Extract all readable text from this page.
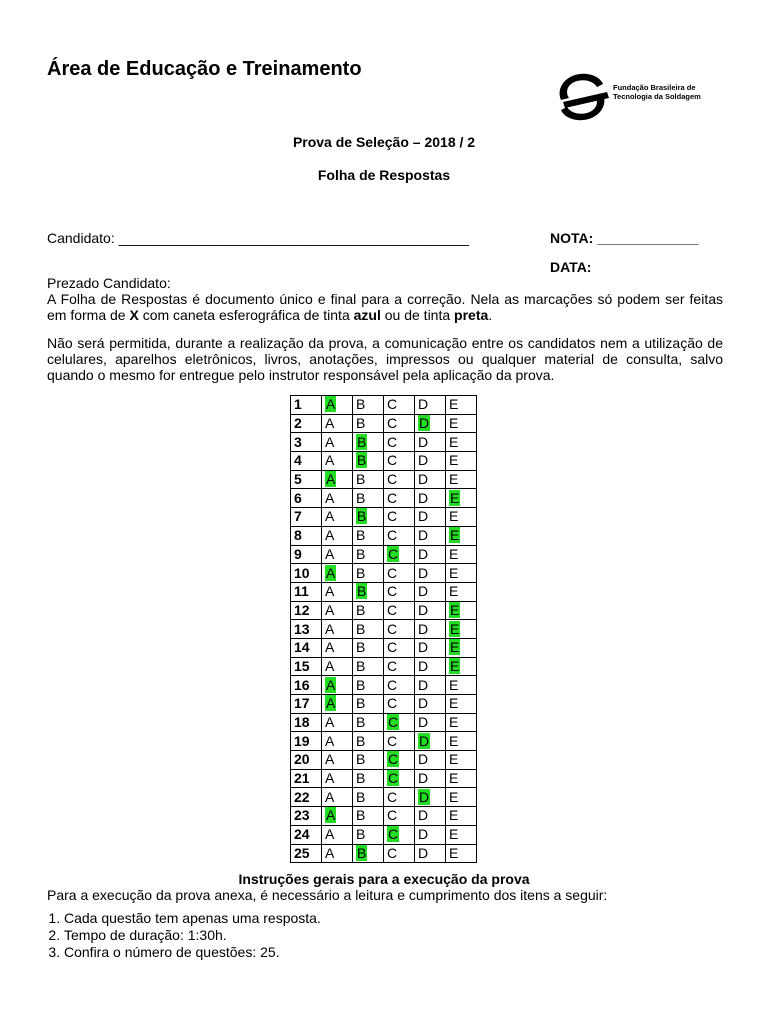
Área de Educação e Treinamento
Fundação Brasileira de
Tecnologia da Soldagem
Prova de Seleção – 2018 / 2
Folha de Respostas
Candidato: _____________________________________________	NOTA: _____________
DATA:
Prezado Candidato:
A Folha de Respostas é documento único e final para a correção. Nela as marcações só podem ser feitas em forma de X com caneta esferográfica de tinta azul ou de tinta preta.
Não será permitida, durante a realização da prova, a comunicação entre os candidatos nem a utilização de celulares, aparelhos eletrônicos, livros, anotações, impressos ou qualquer material de consulta, salvo quando o mesmo for entregue pelo instrutor responsável pela aplicação da prova.
1	A	B	C	D	E
2	A	B	C	D	E
3	A	B	C	D	E
4	A	B	C	D	E
5	A	B	C	D	E
6	A	B	C	D	E
7	A	B	C	D	E
8	A	B	C	D	E
9	A	B	C	D	E
10	A	B	C	D	E
11	A	B	C	D	E
12	A	B	C	D	E
13	A	B	C	D	E
14	A	B	C	D	E
15	A	B	C	D	E
16	A	B	C	D	E
17	A	B	C	D	E
18	A	B	C	D	E
19	A	B	C	D	E
20	A	B	C	D	E
21	A	B	C	D	E
22	A	B	C	D	E
23	A	B	C	D	E
24	A	B	C	D	E
25	A	B	C	D	E
Instruções gerais para a execução da prova
Para a execução da prova anexa, é necessário a leitura e cumprimento dos itens a seguir:
1. Cada questão tem apenas uma resposta.
2. Tempo de duração: 1:30h.
3. Confira o número de questões: 25.
